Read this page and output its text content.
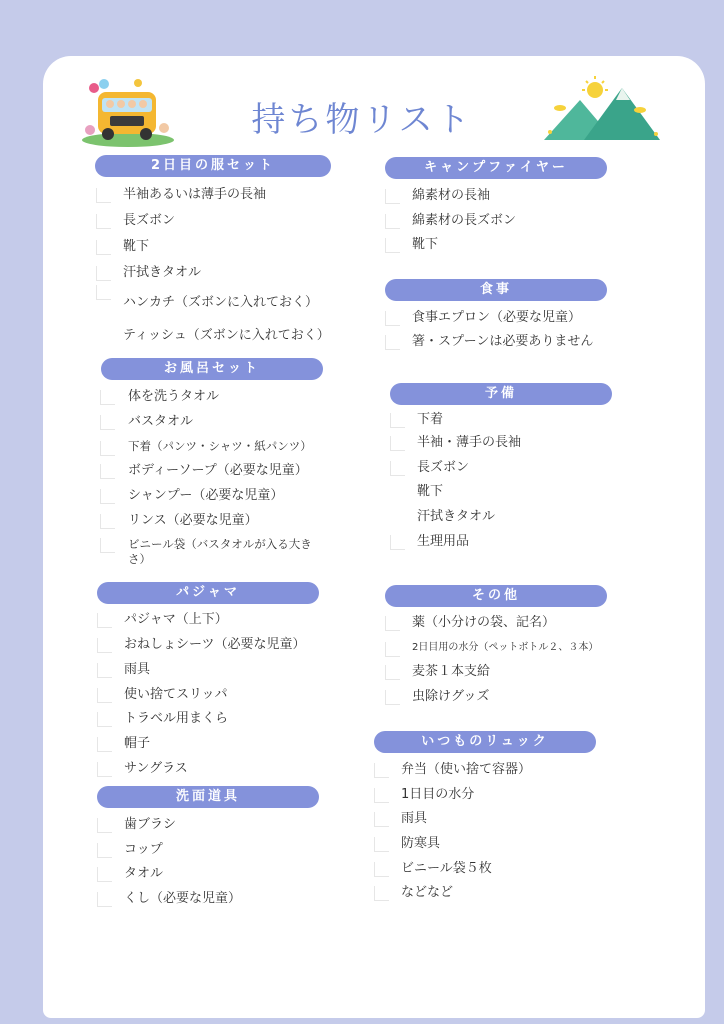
持ち物リスト
2日目の服セット
半袖あるいは薄手の長袖
長ズボン
靴下
汗拭きタオル
ハンカチ（ズボンに入れておく）
ティッシュ（ズボンに入れておく）
お風呂セット
体を洗うタオル
バスタオル
下着（パンツ・シャツ・紙パンツ）
ボディーソープ（必要な児童）
シャンプー（必要な児童）
リンス（必要な児童）
ビニール袋（バスタオルが入る大きさ）
パジャマ
パジャマ（上下）
おねしょシーツ（必要な児童）
雨具
使い捨てスリッパ
トラベル用まくら
帽子
サングラス
洗面道具
歯ブラシ
コップ
タオル
くし（必要な児童）
キャンプファイヤー
綿素材の長袖
綿素材の長ズボン
靴下
食事
食事エプロン（必要な児童）
箸・スプーンは必要ありません
予備
下着
半袖・薄手の長袖
長ズボン
靴下
汗拭きタオル
生理用品
その他
薬（小分けの袋、記名）
2日目用の水分（ペットボトル２、３本）
麦茶１本支給
虫除けグッズ
いつものリュック
弁当（使い捨て容器）
1日目の水分
雨具
防寒具
ビニール袋５枚
などなど
